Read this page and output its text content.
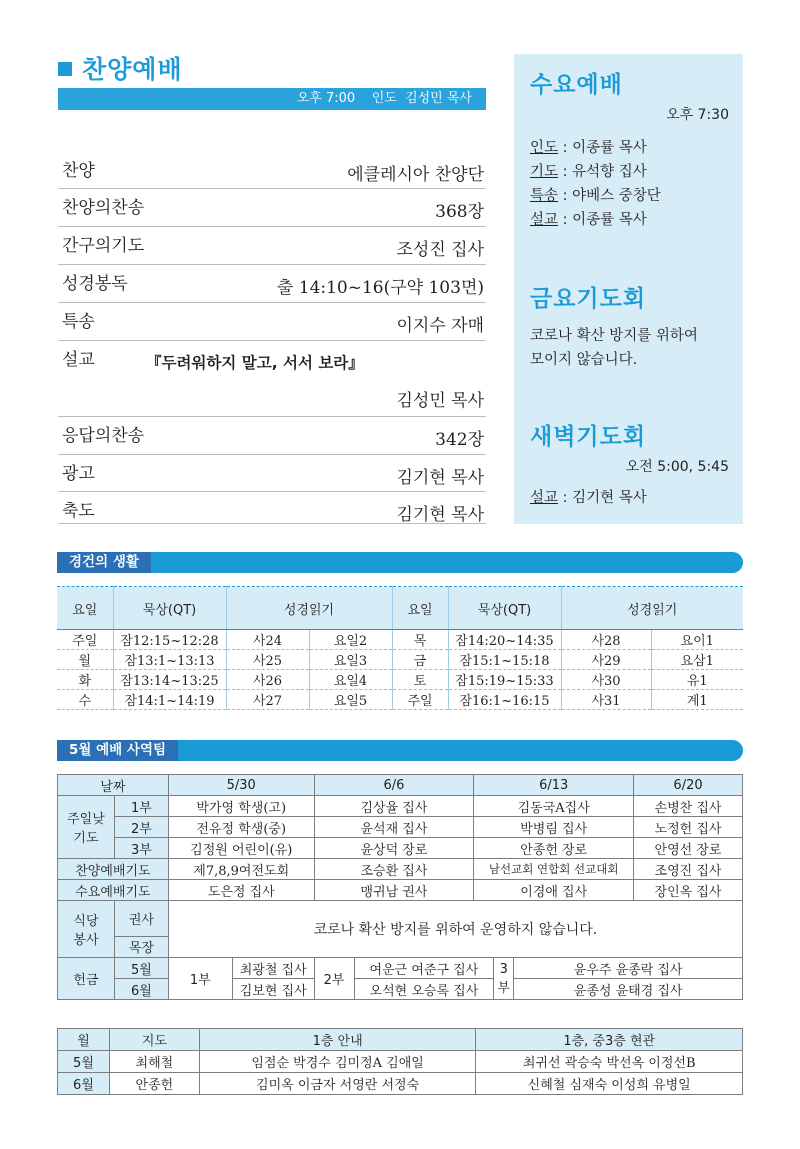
찬양예배
오후 7:00    인도  김성민 목사
찬양	에클레시아 찬양단
찬양의찬송	368장
간구의기도	조성진 집사
성경봉독	출 14:10~16(구약 103면)
특송	이지수 자매
설교	『두려워하지 말고, 서서 보라』
김성민 목사
응답의찬송	342장
광고	김기현 목사
축도	김기현 목사
수요예배
오후 7:30
인도 : 이종률 목사
기도 : 유석향 집사
특송 : 야베스 중창단
설교 : 이종률 목사
금요기도회
코로나 확산 방지를 위하여
모이지 않습니다.
새벽기도회
오전 5:00, 5:45
설교 : 김기현 목사
경건의 생활
요일	묵상(QT)	성경읽기		요일	묵상(QT)	성경읽기	
주일	잠12:15~12:28	사24	요일2	목	잠14:20~14:35	사28	요이1
월	잠13:1~13:13	사25	요일3	금	잠15:1~15:18	사29	요삼1
화	잠13:14~13:25	사26	요일4	토	잠15:19~15:33	사30	유1
수	잠14:1~14:19	사27	요일5	주일	잠16:1~16:15	사31	계1
5월 예배 사역팀
날짜		5/30		6/6		6/13			6/20
주일낮 기도	1부	박가영 학생(고)		김상율 집사		김동국A집사			손병찬 집사
	2부	전유정 학생(중)		윤석재 집사		박병림 집사			노정헌 집사
	3부	김정원 어린이(유)		윤상덕 장로		안종헌 장로			안영선 장로
찬양예배기도		제7,8,9여전도회		조승환 집사		남선교회 연합회 선교대회			조영진 집사
수요예배기도		도은정 집사		맹귀남 권사		이경애 집사			장인옥 집사
식당 봉사	권사	코로나 확산 방지를 위하여 운영하지 않습니다.							
	목장								
헌금	5월	1부	최광철 집사	2부	여운근 여준구 집사		3부	윤우주 윤종락 집사	
	6월		김보현 집사		오석현 오승록 집사			윤종성 윤태경 집사	
월	지도	1층 안내	1층, 중3층 현관
5월	최해철	임점순 박경수 김미정A 김애일	최귀선 곽승숙 박선옥 이정선B
6월	안종헌	김미옥 이금자 서영란 서정숙	신혜철 심재숙 이성희 유병일
